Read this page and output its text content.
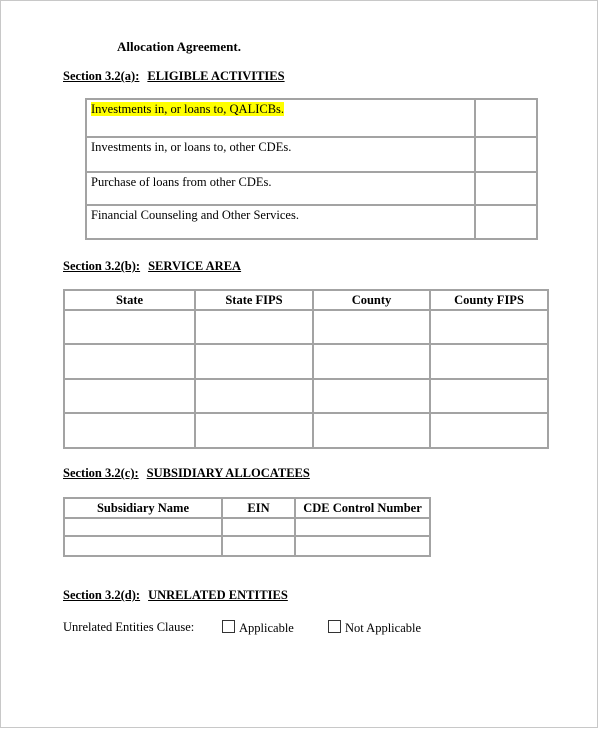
Allocation Agreement.
Section 3.2(a): ELIGIBLE ACTIVITIES
Investments in, or loans to, QALICBs.	
Investments in, or loans to, other CDEs.	
Purchase of loans from other CDEs.	
Financial Counseling and Other Services.	
Section 3.2(b): SERVICE AREA
State	State FIPS	County	County FIPS

Section 3.2(c): SUBSIDIARY ALLOCATEES
Subsidiary Name	EIN	CDE Control Number

Section 3.2(d): UNRELATED ENTITIES
Unrelated Entities Clause:	Applicable	Not Applicable
